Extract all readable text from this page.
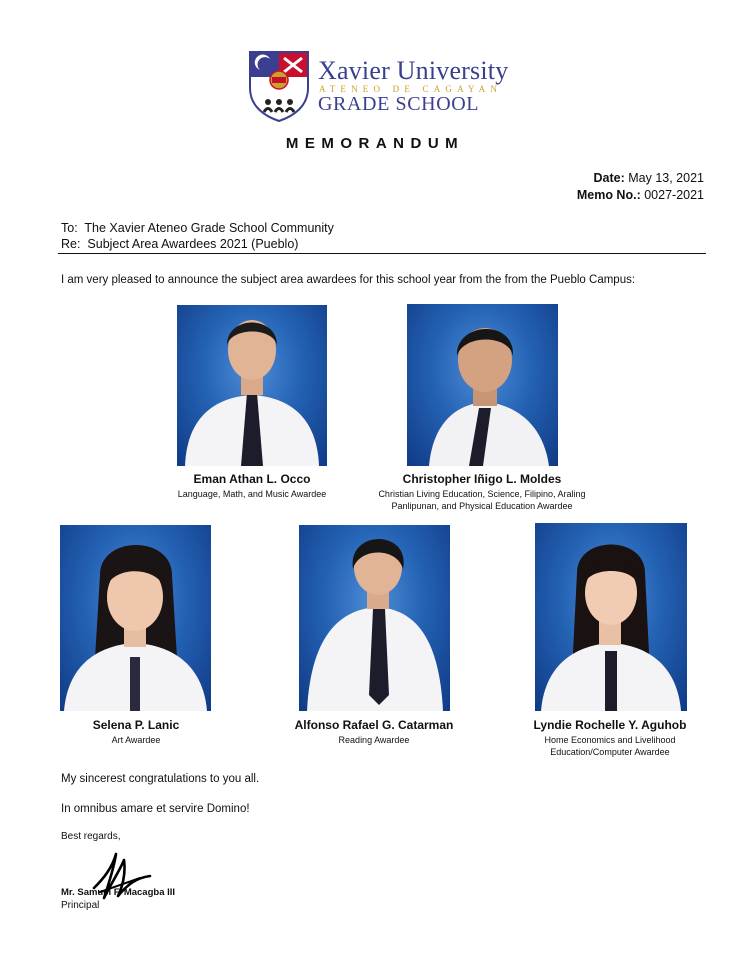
Xavier University
ATENEO DE CAGAYAN
GRADE SCHOOL
MEMORANDUM
Date: May 13, 2021
Memo No.: 0027-2021
To: The Xavier Ateneo Grade School Community
Re: Subject Area Awardees 2021 (Pueblo)
I am very pleased to announce the subject area awardees for this school year from the from the Pueblo Campus:
Eman Athan L. Occo
Language, Math, and Music Awardee
Christopher Iñigo L. Moldes
Christian Living Education, Science, Filipino, Araling Panlipunan, and Physical Education Awardee
Selena P. Lanic
Art Awardee
Alfonso Rafael G. Catarman
Reading Awardee
Lyndie Rochelle Y. Aguhob
Home Economics and Livelihood Education/Computer Awardee
My sincerest congratulations to you all.
In omnibus amare et servire Domino!
Best regards,
Mr. Samuel F. Macagba III
Principal
